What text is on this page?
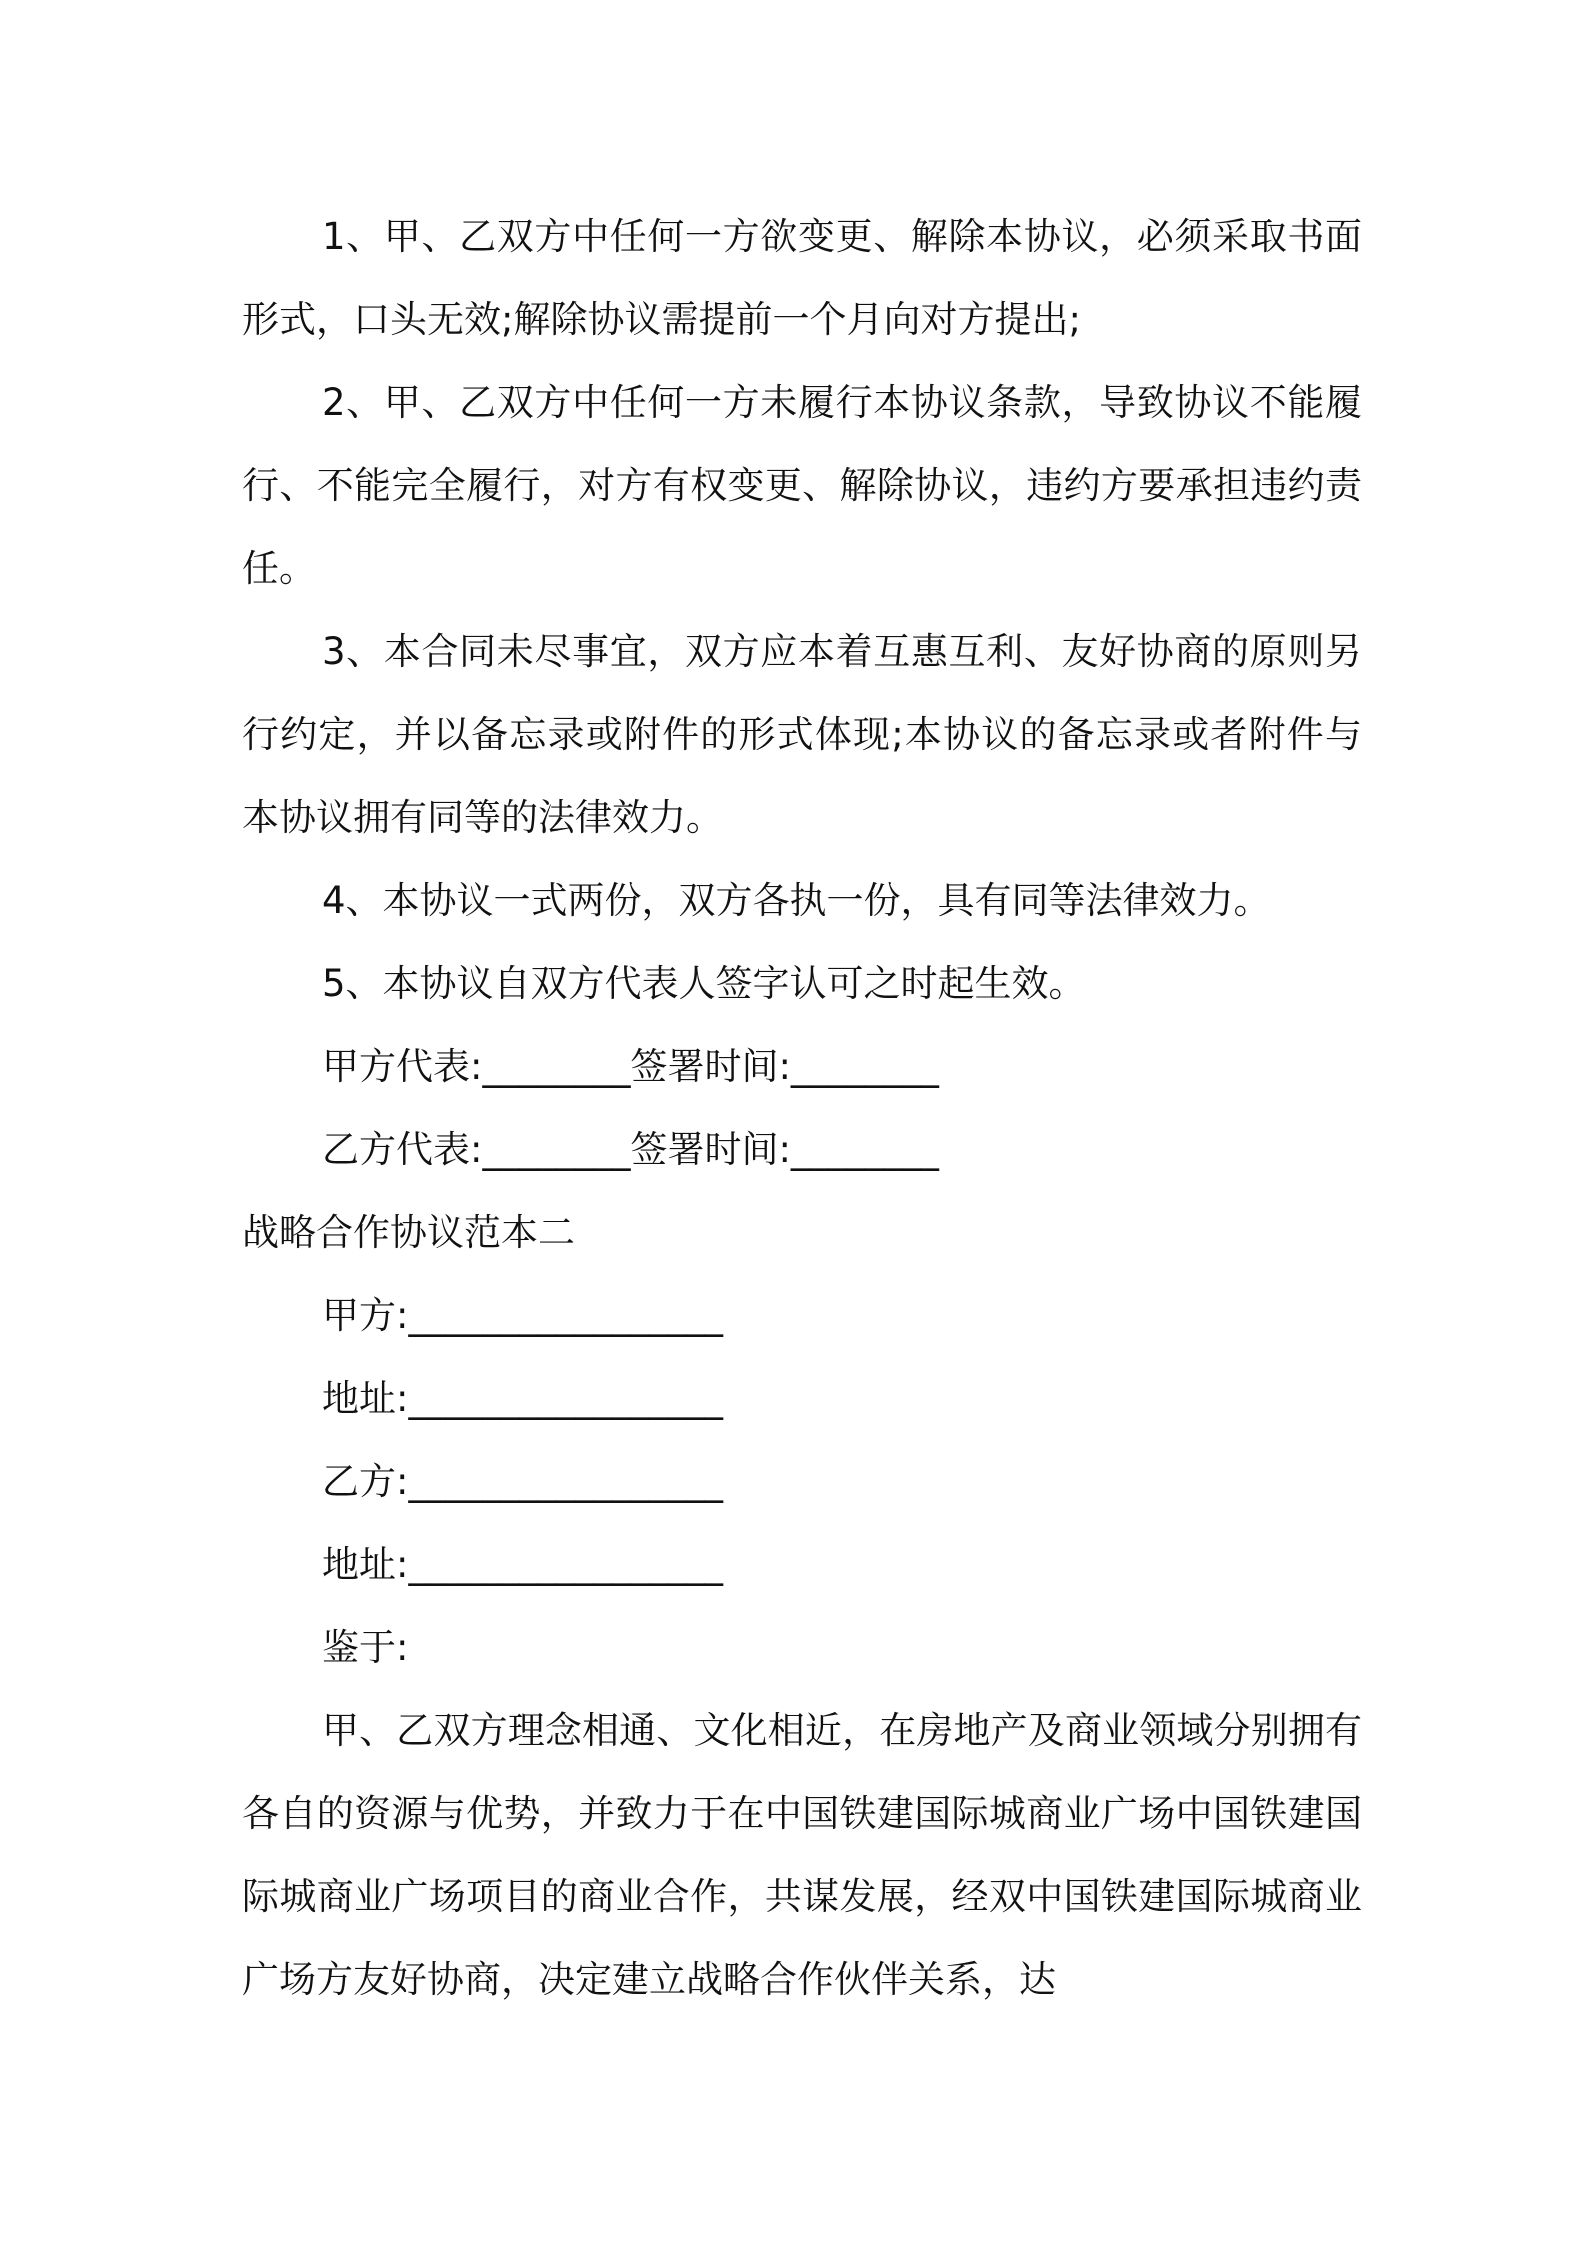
1、甲、乙双方中任何一方欲变更、解除本协议，必须采取书面形式，口头无效;解除协议需提前一个月向对方提出;

2、甲、乙双方中任何一方未履行本协议条款，导致协议不能履行、不能完全履行，对方有权变更、解除协议，违约方要承担违约责任。

3、本合同未尽事宜，双方应本着互惠互利、友好协商的原则另行约定，并以备忘录或附件的形式体现;本协议的备忘录或者附件与本协议拥有同等的法律效力。

4、本协议一式两份，双方各执一份，具有同等法律效力。

5、本协议自双方代表人签字认可之时起生效。

甲方代表:________签署时间:________

乙方代表:________签署时间:________

战略合作协议范本二

甲方:_________________

地址:_________________

乙方:_________________

地址:_________________

鉴于:

甲、乙双方理念相通、文化相近，在房地产及商业领域分别拥有各自的资源与优势，并致力于在中国铁建国际城商业广场中国铁建国际城商业广场项目的商业合作，共谋发展，经双中国铁建国际城商业广场方友好协商，决定建立战略合作伙伴关系，达
